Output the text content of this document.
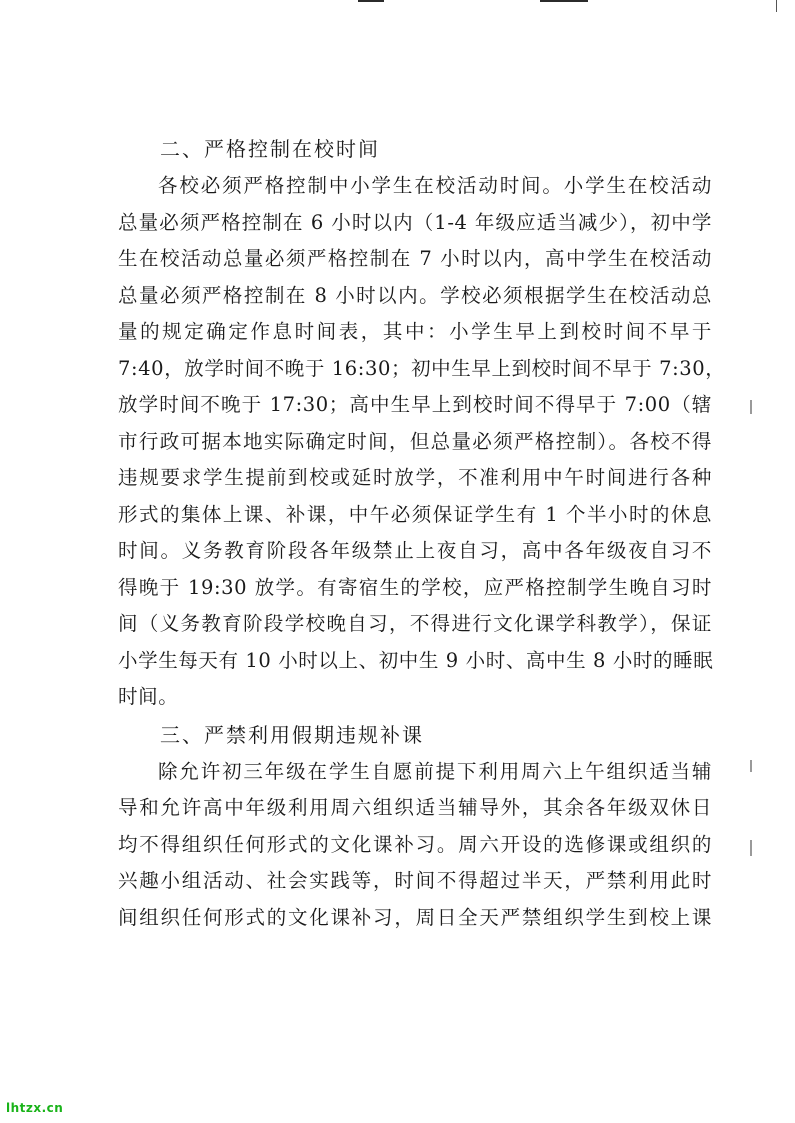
二、严格控制在校时间

各校必须严格控制中小学生在校活动时间。小学生在校活动
总量必须严格控制在 6 小时以内（1-4 年级应适当减少），初中学
生在校活动总量必须严格控制在 7 小时以内，高中学生在校活动
总量必须严格控制在 8 小时以内。学校必须根据学生在校活动总
量的规定确定作息时间表，其中：小学生早上到校时间不早于
7:40，放学时间不晚于 16:30；初中生早上到校时间不早于 7:30，
放学时间不晚于 17:30；高中生早上到校时间不得早于 7:00（辖
市行政可据本地实际确定时间，但总量必须严格控制）。各校不得
违规要求学生提前到校或延时放学，不准利用中午时间进行各种
形式的集体上课、补课，中午必须保证学生有 1 个半小时的休息
时间。义务教育阶段各年级禁止上夜自习，高中各年级夜自习不
得晚于 19:30 放学。有寄宿生的学校，应严格控制学生晚自习时
间（义务教育阶段学校晚自习，不得进行文化课学科教学），保证
小学生每天有 10 小时以上、初中生 9 小时、高中生 8 小时的睡眠
时间。

三、严禁利用假期违规补课

除允许初三年级在学生自愿前提下利用周六上午组织适当辅
导和允许高中年级利用周六组织适当辅导外，其余各年级双休日
均不得组织任何形式的文化课补习。周六开设的选修课或组织的
兴趣小组活动、社会实践等，时间不得超过半天，严禁利用此时
间组织任何形式的文化课补习，周日全天严禁组织学生到校上课

lhtzx.cn
